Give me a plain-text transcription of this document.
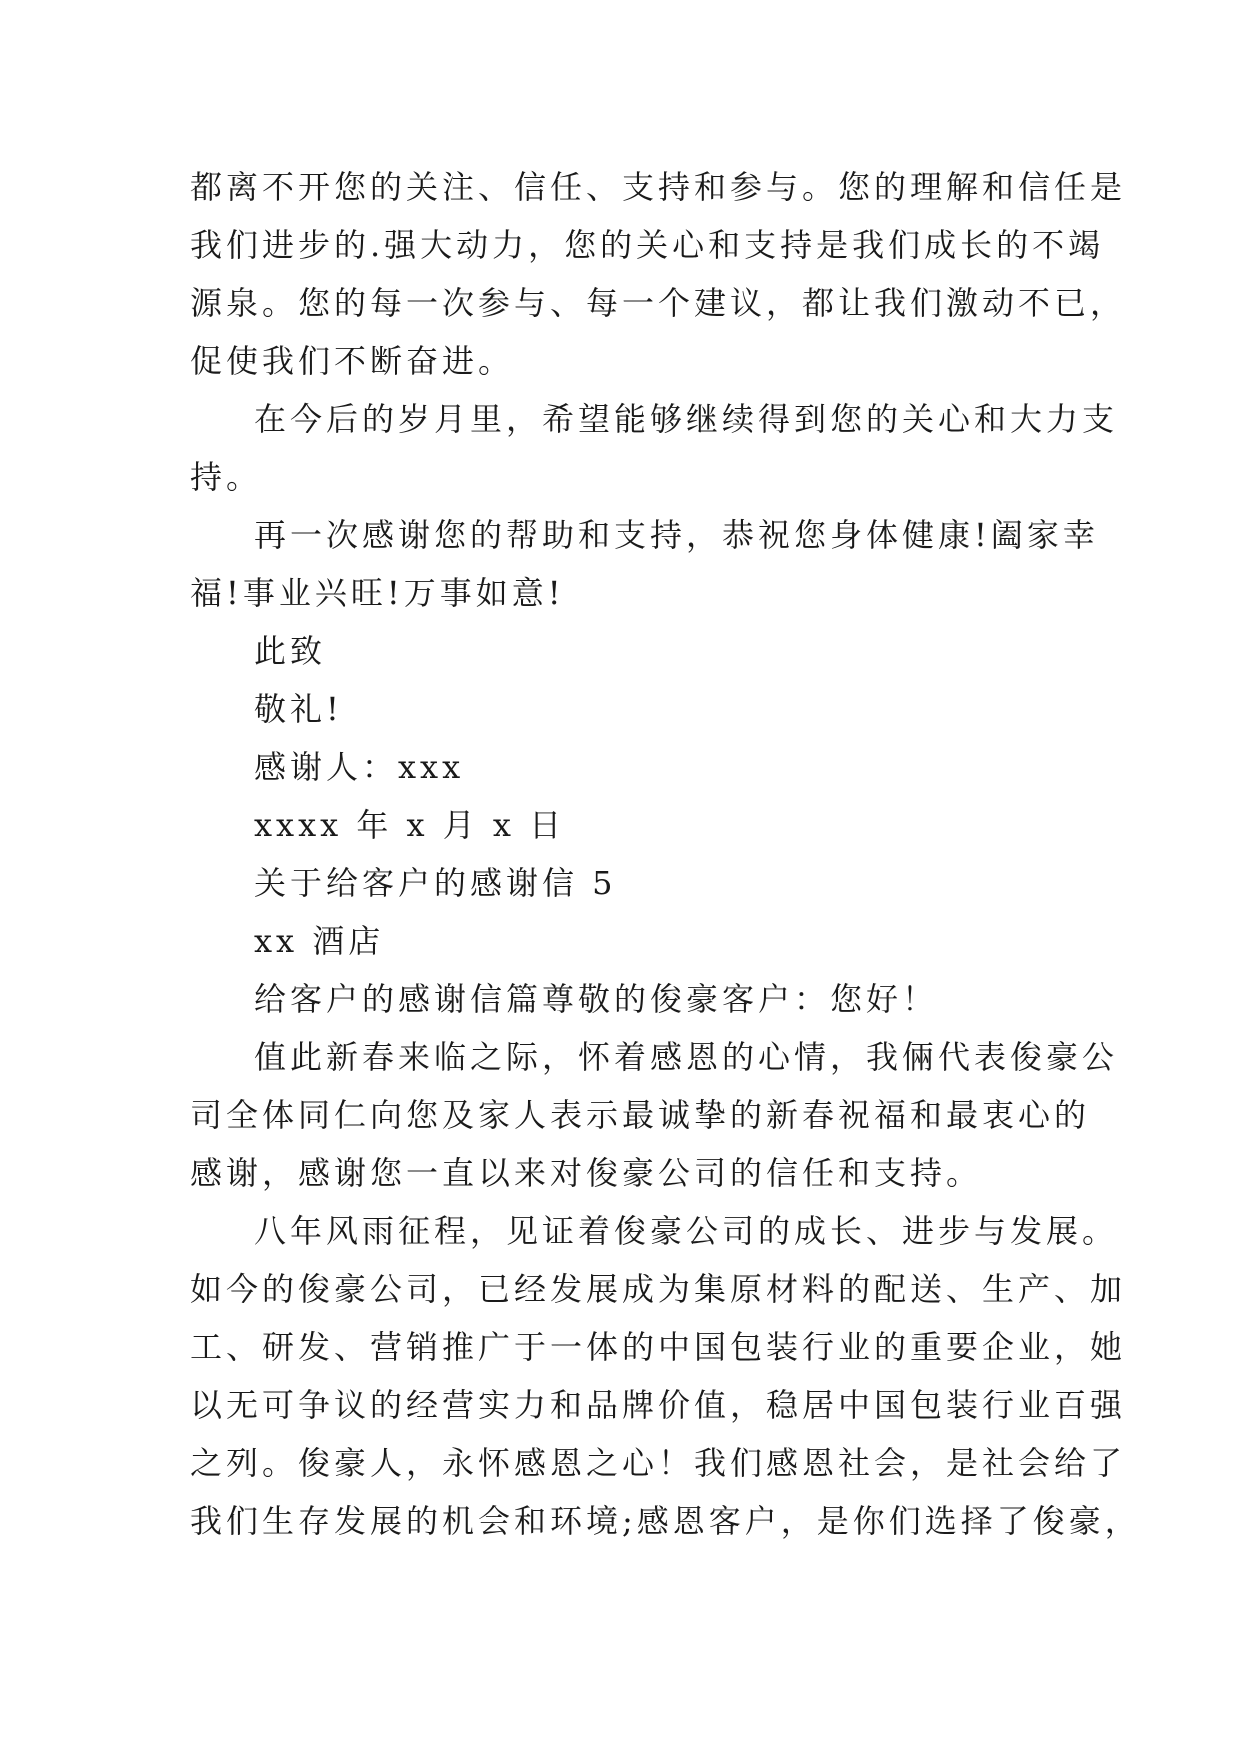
都离不开您的关注、信任、支持和参与。您的理解和信任是
我们进步的.强大动力，您的关心和支持是我们成长的不竭
源泉。您的每一次参与、每一个建议，都让我们激动不已，
促使我们不断奋进。
在今后的岁月里，希望能够继续得到您的关心和大力支
持。
再一次感谢您的帮助和支持，恭祝您身体健康!阖家幸
福!事业兴旺!万事如意!
此致
敬礼!
感谢人：xxx
xxxx 年 x 月 x 日
关于给客户的感谢信 5
xx 酒店
给客户的感谢信篇尊敬的俊豪客户：您好！
值此新春来临之际，怀着感恩的心情，我倆代表俊豪公
司全体同仁向您及家人表示最诚挚的新春祝福和最衷心的
感谢，感谢您一直以来对俊豪公司的信任和支持。
八年风雨征程，见证着俊豪公司的成长、进步与发展。
如今的俊豪公司，已经发展成为集原材料的配送、生产、加
工、研发、营销推广于一体的中国包装行业的重要企业，她
以无可争议的经营实力和品牌价值，稳居中国包装行业百强
之列。俊豪人，永怀感恩之心！我们感恩社会，是社会给了
我们生存发展的机会和环境;感恩客户，是你们选择了俊豪，
